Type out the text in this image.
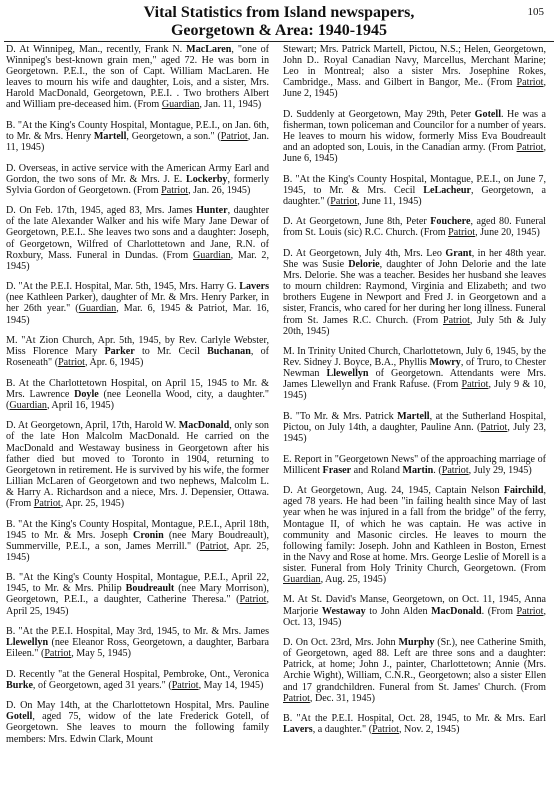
105
Vital Statistics from Island newspapers,
Georgetown & Area: 1940-1945

D. At Winnipeg, Man., recently, Frank N. MacLaren, "one of Winnipeg's best-known grain men," aged 72. He was born in Georgetown. P.E.I., the son of Capt. William MacLaren. He leaves to mourn his wife and daughter, Lois, and a sister, Mrs. Harold MacDonald, Georgetown, P.E.I. . Two brothers Albert and William pre-deceased him. (From Guardian, Jan. 11, 1945)

B. "At the King's County Hospital, Montague, P.E.I., on Jan. 6th, to Mr. & Mrs. Henry Martell, Georgetown, a son." (Patriot, Jan. 11, 1945)

D. Overseas, in active service with the American Army Earl and Gordon, the two sons of Mr. & Mrs. J. E. Lockerby, formerly Sylvia Gordon of Georgetown. (From Patriot, Jan. 26, 1945)

D. On Feb. 17th, 1945, aged 83, Mrs. James Hunter, daughter of the late Alexander Walker and his wife Mary Jane Dewar of Georgetown, P.E.I.. She leaves two sons and a daughter: Joseph, of Georgetown, Wilfred of Charlottetown and Jane, R.N. of Roxbury, Mass. Funeral in Dundas. (From Guardian, Mar. 2, 1945)

D. "At the P.E.I. Hospital, Mar. 5th, 1945, Mrs. Harry G. Lavers (nee Kathleen Parker), daughter of Mr. & Mrs. Henry Parker, in her 26th year." (Guardian, Mar. 6, 1945 & Patriot, Mar. 16, 1945)

M. "At Zion Church, Apr. 5th, 1945, by Rev. Carlyle Webster, Miss Florence Mary Parker to Mr. Cecil Buchanan, of Roseneath" (Patriot, Apr. 6, 1945)

B. At the Charlottetown Hospital, on April 15, 1945 to Mr. & Mrs. Lawrence Doyle (nee Leonella Wood, city, a daughter." (Guardian, April 16, 1945)

D. At Georgetown, April, 17th, Harold W. MacDonald, only son of the late Hon Malcolm MacDonald. He carried on the MacDonald and Westaway business in Georgetown after his father died but moved to Toronto in 1904, returning to Georgetown in retirement. He is survived by his wife, the former Lillian McLaren of Georgetown and two nephews, Malcolm L. & Harry A. Richardson and a niece, Mrs. J. Depensier, Ottawa. (From Patriot, Apr. 25, 1945)

B. "At the King's County Hospital, Montague, P.E.I., April 18th, 1945 to Mr. & Mrs. Joseph Cronin (nee Mary Boudreault), Summerville, P.E.I., a son, James Merrill." (Patriot, Apr. 25, 1945)

B. "At the King's County Hospital, Montague, P.E.I., April 22, 1945, to Mr. & Mrs. Philip Boudreault (nee Mary Morrison), Georgetown, P.E.I., a daughter, Catherine Theresa." (Patriot, April 25, 1945)

B. "At the P.E.I. Hospital, May 3rd, 1945, to Mr. & Mrs. James Llewellyn (nee Eleanor Ross, Georgetown, a daughter, Barbara Eileen." (Patriot, May 5, 1945)

D. Recently "at the General Hospital, Pembroke, Ont., Veronica Burke, of Georgetown, aged 31 years." (Patriot, May 14, 1945)

D. On May 14th, at the Charlottetown Hospital, Mrs. Pauline Gotell, aged 75, widow of the late Frederick Gotell, of Georgetown. She leaves to mourn the following family members: Mrs. Edwin Clark, Mount

Stewart; Mrs. Patrick Martell, Pictou, N.S.; Helen, Georgetown, John D.. Royal Canadian Navy, Marcellus, Merchant Marine; Leo in Montreal; also a sister Mrs. Josephine Rokes, Cambridge., Mass. and Gilbert in Bangor, Me.. (From Patriot, June 2, 1945)

D. Suddenly at Georgetown, May 29th, Peter Gotell. He was a fisherman, town policeman and Councilor for a number of years. He leaves to mourn his widow, formerly Miss Eva Boudreault and an adopted son, Louis, in the Canadian army. (From Patriot, June 6, 1945)

B. "At the King's County Hospital, Montague, P.E.I., on June 7, 1945, to Mr. & Mrs. Cecil LeLacheur, Georgetown, a daughter." (Patriot, June 11, 1945)

D. At Georgetown, June 8th, Peter Fouchere, aged 80. Funeral from St. Louis (sic) R.C. Church. (From Patriot, June 20, 1945)

D. At Georgetown, July 4th, Mrs. Leo Grant, in her 48th year. She was Susie Delorie, daughter of John Delorie and the late Mrs. Delorie. She was a teacher. Besides her husband she leaves to mourn children: Raymond, Virginia and Elizabeth; and two brothers Eugene in Newport and Fred J. in Georgetown and a sister, Francis, who cared for her during her long illness. Funeral from St. James R.C. Church. (From Patriot, July 5th & July 20th, 1945)

M. In Trinity United Church, Charlottetown, July 6, 1945, by the Rev. Sidney J. Boyce, B.A., Phyllis Mowry, of Truro, to Chester Newman Llewellyn of Georgetown. Attendants were Mrs. James Llewellyn and Frank Rafuse. (From Patriot, July 9 & 10, 1945)

B. "To Mr. & Mrs. Patrick Martell, at the Sutherland Hospital, Pictou, on July 14th, a daughter, Pauline Ann. (Patriot, July 23, 1945)

E. Report in "Georgetown News" of the approaching marriage of Millicent Fraser and Roland Martin. (Patriot, July 29, 1945)

D. At Georgetown, Aug. 24, 1945, Captain Nelson Fairchild, aged 78 years. He had been "in failing health since May of last year when he was injured in a fall from the bridge" of the ferry, Montague II, of which he was captain. He was active in community and Masonic circles. He leaves to mourn the following family: Joseph. John and Kathleen in Boston, Ernest in the Navy and Rose at home. Mrs. George Leslie of Morell is a sister. Funeral from Holy Trinity Church, Georgetown. (From Guardian, Aug. 25, 1945)

M. At St. David's Manse, Georgetown, on Oct. 11, 1945, Anna Marjorie Westaway to John Alden MacDonald. (From Patriot, Oct. 13, 1945)

D. On Oct. 23rd, Mrs. John Murphy (Sr.), nee Catherine Smith, of Georgetown, aged 88. Left are three sons and a daughter: Patrick, at home; John J., painter, Charlottetown; Annie (Mrs. Archie Wight), William, C.N.R., Georgetown; also a sister Ellen and 17 grandchildren. Funeral from St. James' Church. (From Patriot, Dec. 31, 1945)

B. "At the P.E.I. Hospital, Oct. 28, 1945, to Mr. & Mrs. Earl Lavers, a daughter." (Patriot, Nov. 2, 1945)
